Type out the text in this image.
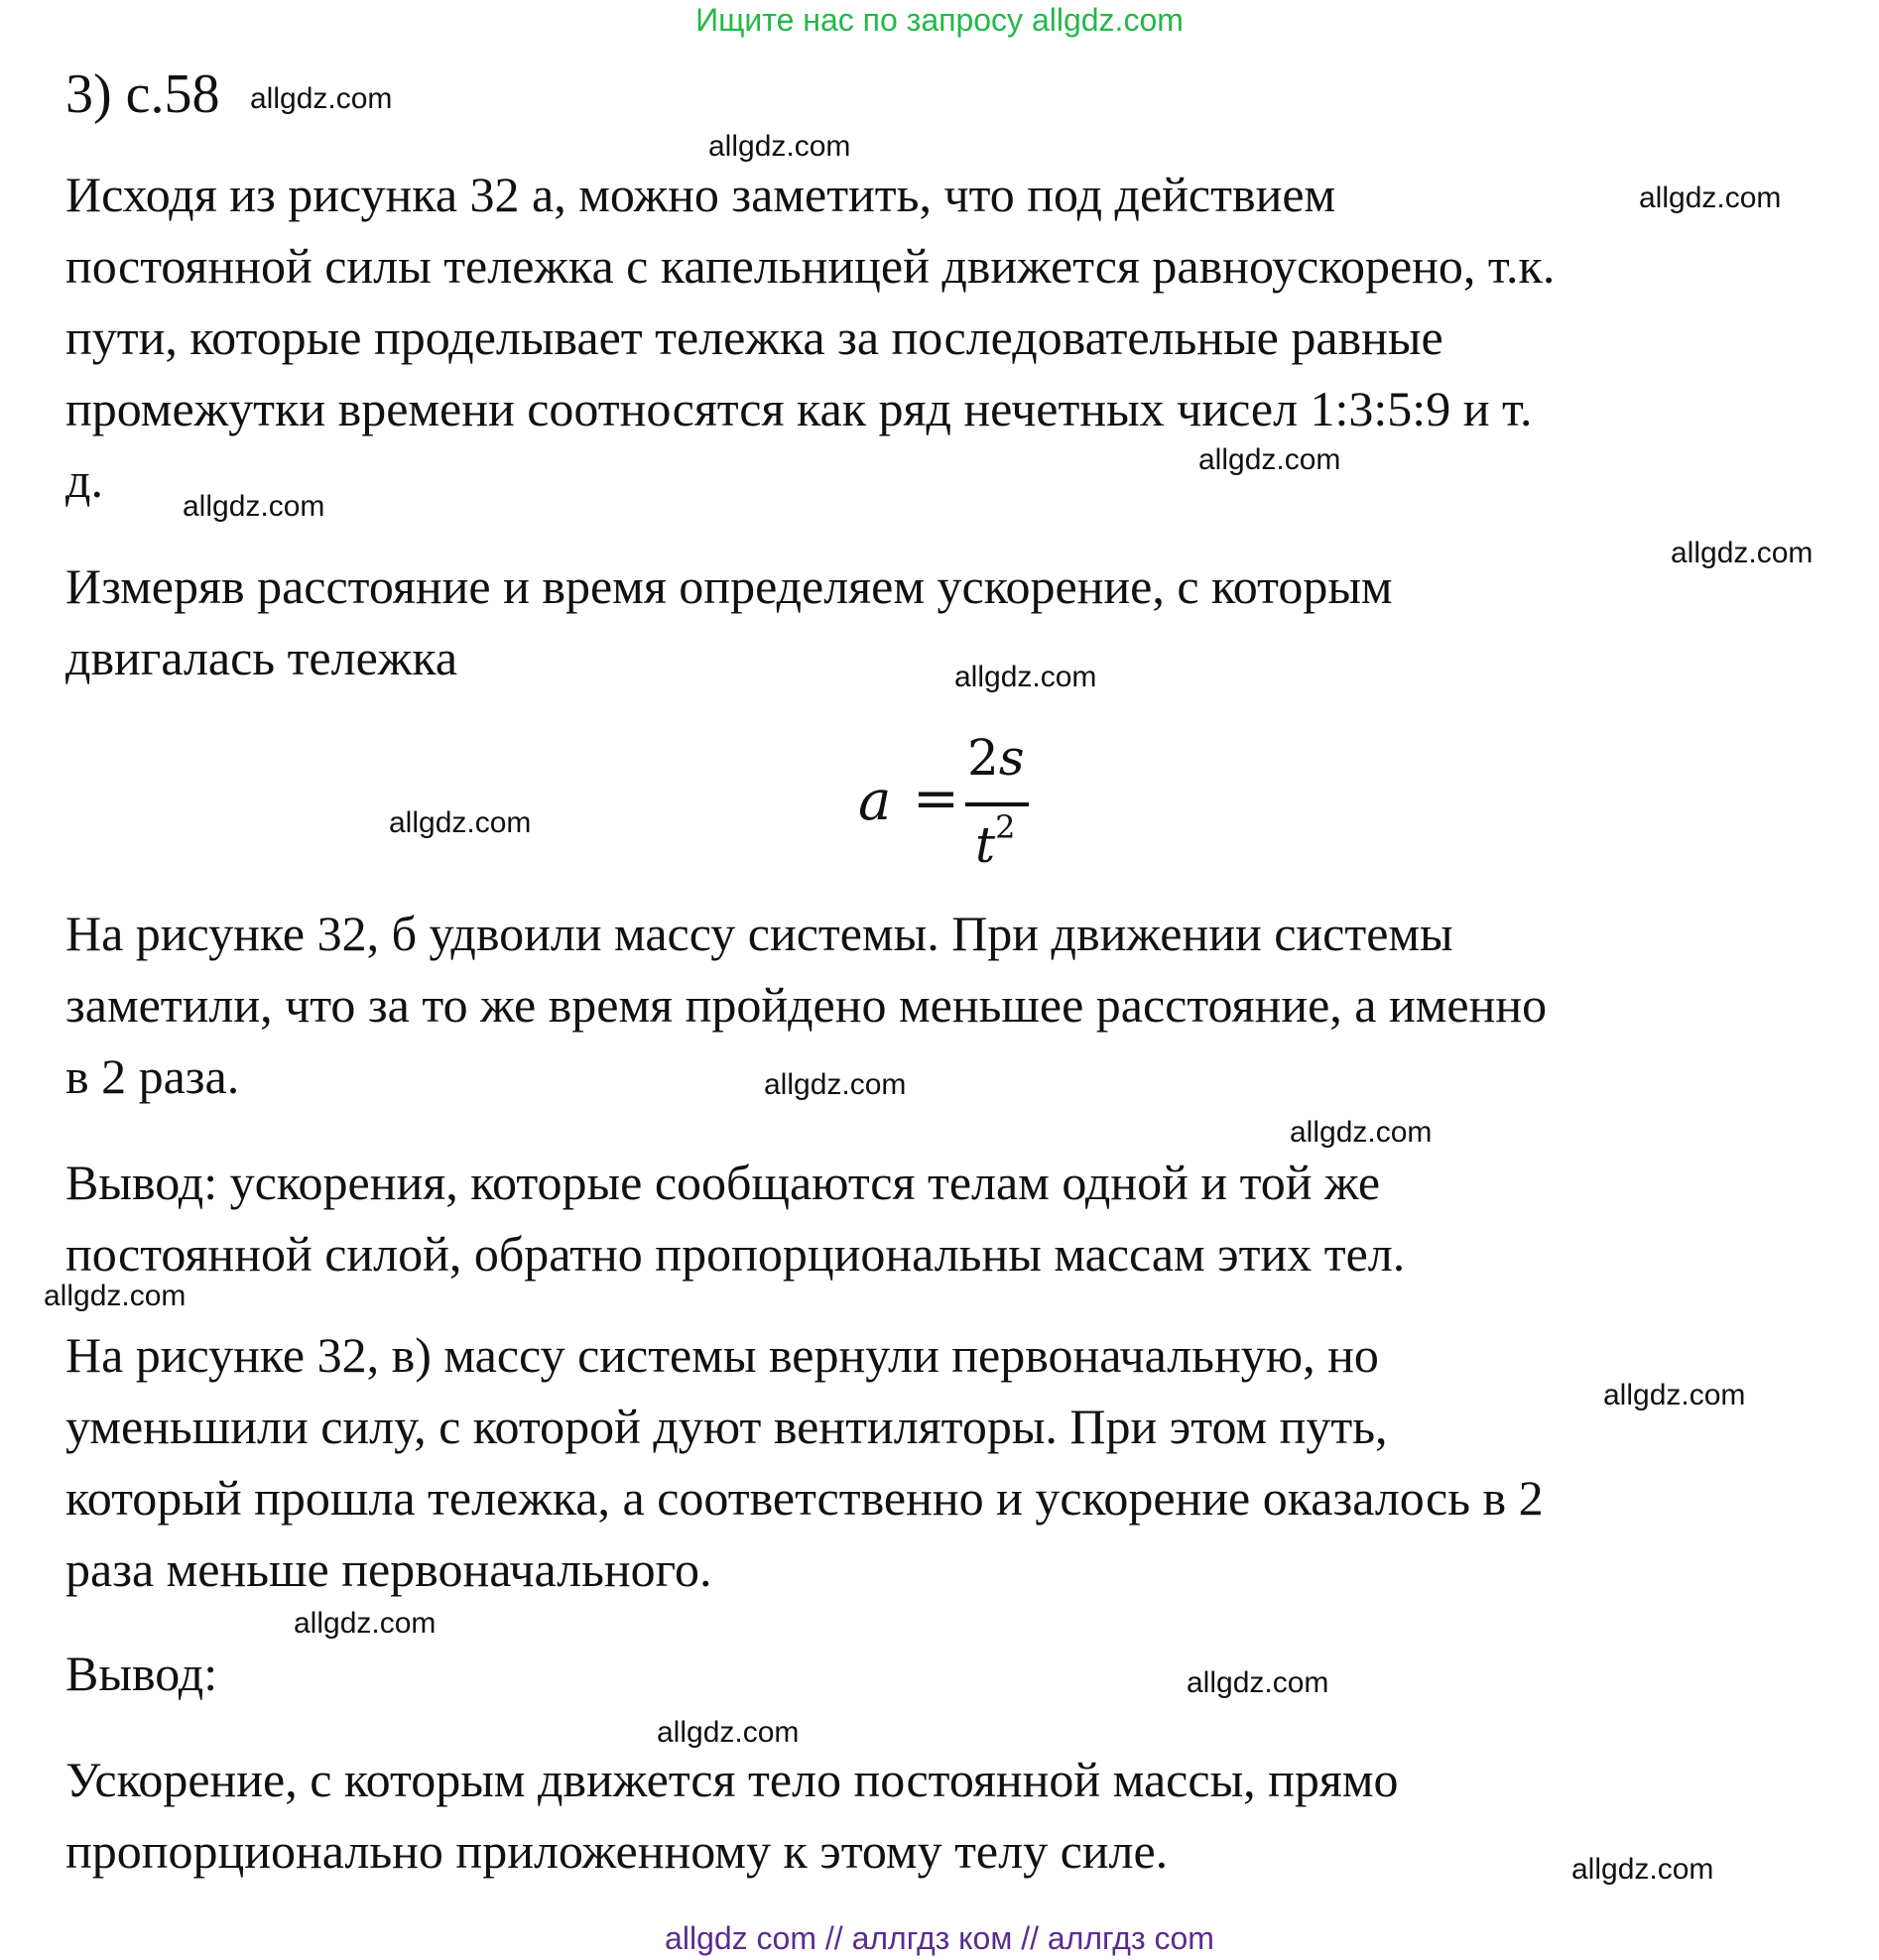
Ищите нас по запросу allgdz.com
3) с.58
Исходя из рисунка 32 а, можно заметить, что под действием
постоянной силы тележка с капельницей движется равноускорено, т.к.
пути, которые проделывает тележка за последовательные равные
промежутки времени соотносятся как ряд нечетных чисел 1:3:5:9 и т.
д.
Измеряв расстояние и время определяем ускорение, с которым
двигалась тележка
a =
2s
$t^2$
На рисунке 32, б удвоили массу системы. При движении системы
заметили, что за то же время пройдено меньшее расстояние, а именно
в 2 раза.
Вывод: ускорения, которые сообщаются телам одной и той же
постоянной силой, обратно пропорциональны массам этих тел.
На рисунке 32, в) массу системы вернули первоначальную, но
уменьшили силу, с которой дуют вентиляторы. При этом путь,
который прошла тележка, а соответственно и ускорение оказалось в 2
раза меньше первоначального.
Вывод:
Ускорение, с которым движется тело постоянной массы, прямо
пропорционально приложенному к этому телу силе.
allgdz.com
allgdz.com
allgdz.com
allgdz.com
allgdz.com
allgdz.com
allgdz.com
allgdz.com
allgdz.com
allgdz.com
allgdz.com
allgdz.com
allgdz.com
allgdz.com
allgdz.com
allgdz.com
allgdz com // аллгдз ком // аллгдз com
